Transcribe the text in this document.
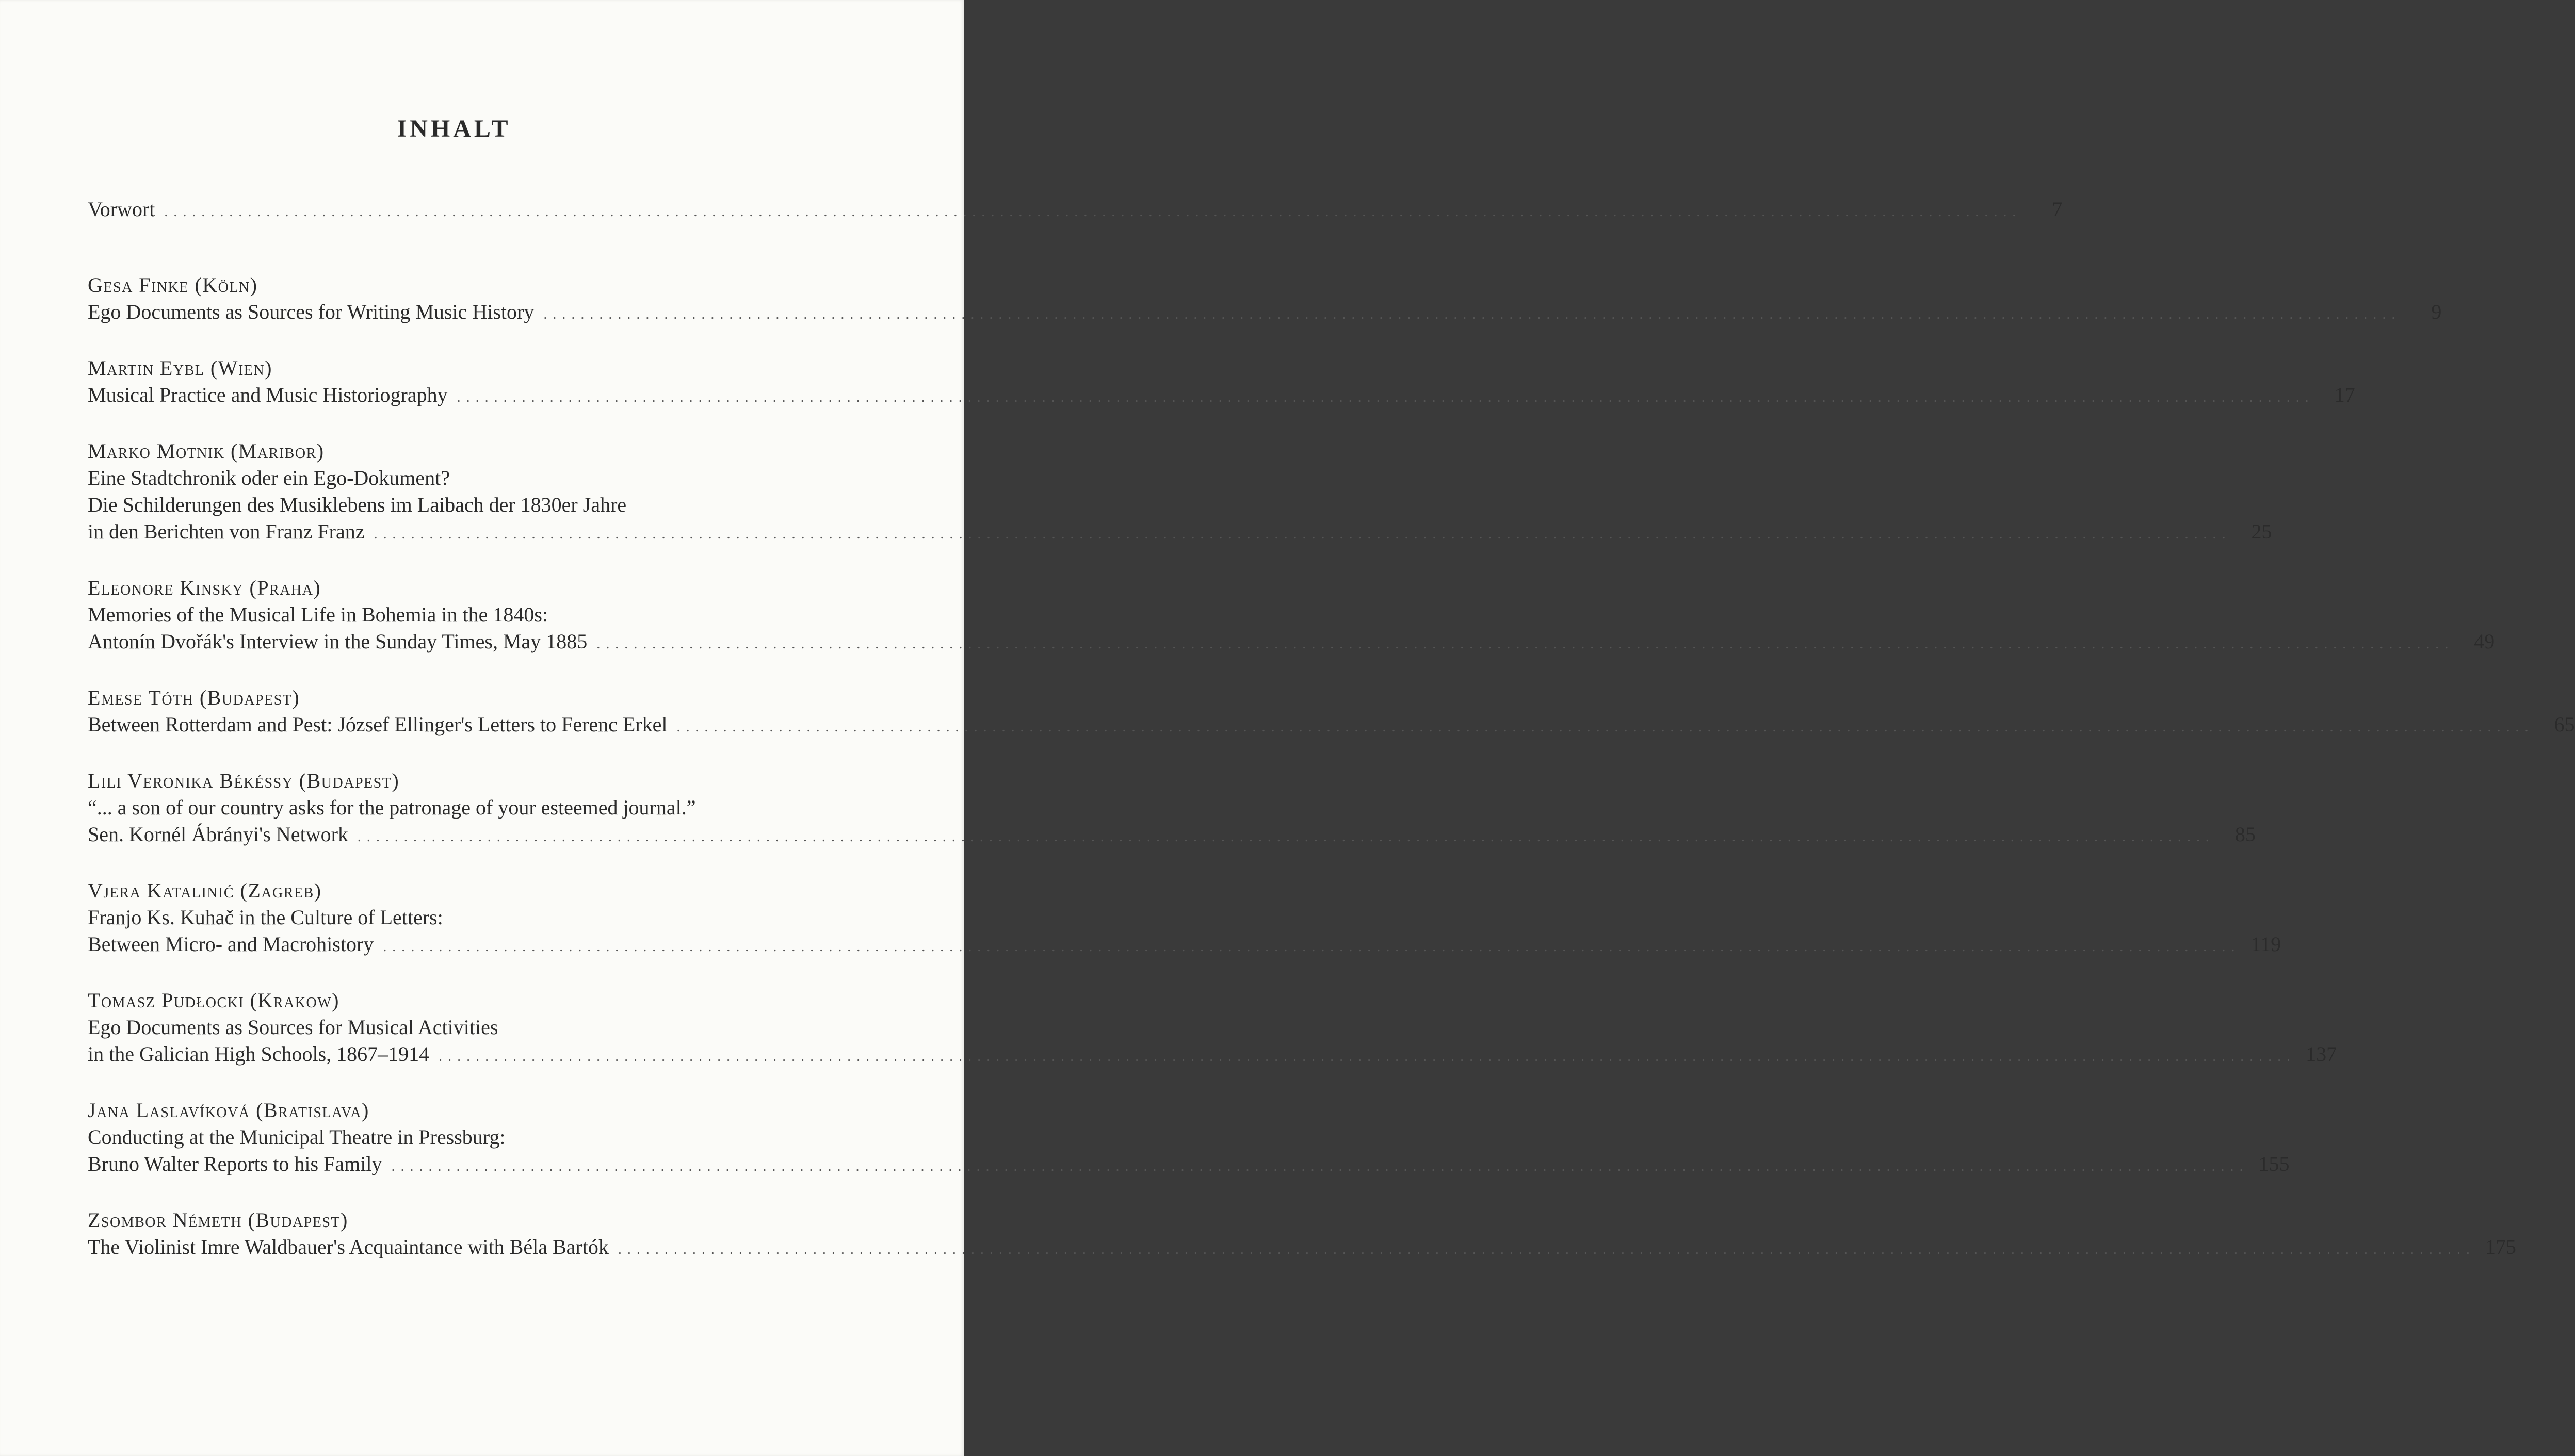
INHALT
Vorwort . . . . . . . . . . . . . . . . . . . . . . . . . . . . . . . . . . . . . . . . . . . . . . . . . . . . . . . . . . . . . . . . . . . . . . . . . . . . . . . . . . . . . . . . . . . . . . . . . . . . . . . . . . . . . . . . . . . . . . . . . . . . . . . . . . . . . . . . . . . . . . . . . . . . . . . . . . . . . . . . . . . . . . . . . . . . . . . . . . . . . . . . . . . . . . . . . . . . . . . .	7
Gesa Finke (Köln)
Ego Documents as Sources for Writing Music History . . . . . . . . . . . . . . . . . . . . . . . . . . . . . . . . . . . . . . . . . . . . . . . . . . . . . . . . . . . . . . . . . . . . . . . . . . . . . . . . . . . . . . . . . . . . . . . . . . . . . . . . . . . . . . . . . . . . . . . . . . . . . . . . . . . . . . . . . . . . . . . . . . . . . . . . . . . . . . . . . . . . . . . . . . . . . . . . . . . . . . . . . . . . . . . . . . . . . . . .	9
Martin Eybl (Wien)
Musical Practice and Music Historiography . . . . . . . . . . . . . . . . . . . . . . . . . . . . . . . . . . . . . . . . . . . . . . . . . . . . . . . . . . . . . . . . . . . . . . . . . . . . . . . . . . . . . . . . . . . . . . . . . . . . . . . . . . . . . . . . . . . . . . . . . . . . . . . . . . . . . . . . . . . . . . . . . . . . . . . . . . . . . . . . . . . . . . . . . . . . . . . . . . . . . . . . . . . . . . . . . . . . . . . .	17
Marko Motnik (Maribor)
Eine Stadtchronik oder ein Ego-Dokument?
Die Schilderungen des Musiklebens im Laibach der 1830er Jahre
in den Berichten von Franz Franz . . . . . . . . . . . . . . . . . . . . . . . . . . . . . . . . . . . . . . . . . . . . . . . . . . . . . . . . . . . . . . . . . . . . . . . . . . . . . . . . . . . . . . . . . . . . . . . . . . . . . . . . . . . . . . . . . . . . . . . . . . . . . . . . . . . . . . . . . . . . . . . . . . . . . . . . . . . . . . . . . . . . . . . . . . . . . . . . . . . . . . . . . . . . . . . . . . . . . . . .	25
Eleonore Kinsky (Praha)
Memories of the Musical Life in Bohemia in the 1840s:
Antonín Dvořák's Interview in the Sunday Times, May 1885 . . . . . . . . . . . . . . . . . . . . . . . . . . . . . . . . . . . . . . . . . . . . . . . . . . . . . . . . . . . . . . . . . . . . . . . . . . . . . . . . . . . . . . . . . . . . . . . . . . . . . . . . . . . . . . . . . . . . . . . . . . . . . . . . . . . . . . . . . . . . . . . . . . . . . . . . . . . . . . . . . . . . . . . . . . . . . . . . . . . . . . . . . . . . . . . . . . . . . . . .	49
Emese Tóth (Budapest)
Between Rotterdam and Pest: József Ellinger's Letters to Ferenc Erkel . . . . . . . . . . . . . . . . . . . . . . . . . . . . . . . . . . . . . . . . . . . . . . . . . . . . . . . . . . . . . . . . . . . . . . . . . . . . . . . . . . . . . . . . . . . . . . . . . . . . . . . . . . . . . . . . . . . . . . . . . . . . . . . . . . . . . . . . . . . . . . . . . . . . . . . . . . . . . . . . . . . . . . . . . . . . . . . . . . . . . . . . . . . . . . . . . . . . . . . .	65
Lili Veronika Békéssy (Budapest)
“... a son of our country asks for the patronage of your esteemed journal.”
Sen. Kornél Ábrányi's Network . . . . . . . . . . . . . . . . . . . . . . . . . . . . . . . . . . . . . . . . . . . . . . . . . . . . . . . . . . . . . . . . . . . . . . . . . . . . . . . . . . . . . . . . . . . . . . . . . . . . . . . . . . . . . . . . . . . . . . . . . . . . . . . . . . . . . . . . . . . . . . . . . . . . . . . . . . . . . . . . . . . . . . . . . . . . . . . . . . . . . . . . . . . . . . . . . . . . . . . .	85
Vjera Katalinić (Zagreb)
Franjo Ks. Kuhač in the Culture of Letters:
Between Micro- and Macrohistory . . . . . . . . . . . . . . . . . . . . . . . . . . . . . . . . . . . . . . . . . . . . . . . . . . . . . . . . . . . . . . . . . . . . . . . . . . . . . . . . . . . . . . . . . . . . . . . . . . . . . . . . . . . . . . . . . . . . . . . . . . . . . . . . . . . . . . . . . . . . . . . . . . . . . . . . . . . . . . . . . . . . . . . . . . . . . . . . . . . . . . . . . . . . . . . . . . . . . . . . 119
Tomasz Pudłocki (Krakow)
Ego Documents as Sources for Musical Activities
in the Galician High Schools, 1867–1914 . . . . . . . . . . . . . . . . . . . . . . . . . . . . . . . . . . . . . . . . . . . . . . . . . . . . . . . . . . . . . . . . . . . . . . . . . . . . . . . . . . . . . . . . . . . . . . . . . . . . . . . . . . . . . . . . . . . . . . . . . . . . . . . . . . . . . . . . . . . . . . . . . . . . . . . . . . . . . . . . . . . . . . . . . . . . . . . . . . . . . . . . . . . . . . . . . . . . . . . . 137
Jana Laslavíková (Bratislava)
Conducting at the Municipal Theatre in Pressburg:
Bruno Walter Reports to his Family . . . . . . . . . . . . . . . . . . . . . . . . . . . . . . . . . . . . . . . . . . . . . . . . . . . . . . . . . . . . . . . . . . . . . . . . . . . . . . . . . . . . . . . . . . . . . . . . . . . . . . . . . . . . . . . . . . . . . . . . . . . . . . . . . . . . . . . . . . . . . . . . . . . . . . . . . . . . . . . . . . . . . . . . . . . . . . . . . . . . . . . . . . . . . . . . . . . . . . . . 155
Zsombor Németh (Budapest)
The Violinist Imre Waldbauer's Acquaintance with Béla Bartók . . . . . . . . . . . . . . . . . . . . . . . . . . . . . . . . . . . . . . . . . . . . . . . . . . . . . . . . . . . . . . . . . . . . . . . . . . . . . . . . . . . . . . . . . . . . . . . . . . . . . . . . . . . . . . . . . . . . . . . . . . . . . . . . . . . . . . . . . . . . . . . . . . . . . . . . . . . . . . . . . . . . . . . . . . . . . . . . . . . . . . . . . . . . . . . . . . . . . . . . 175
